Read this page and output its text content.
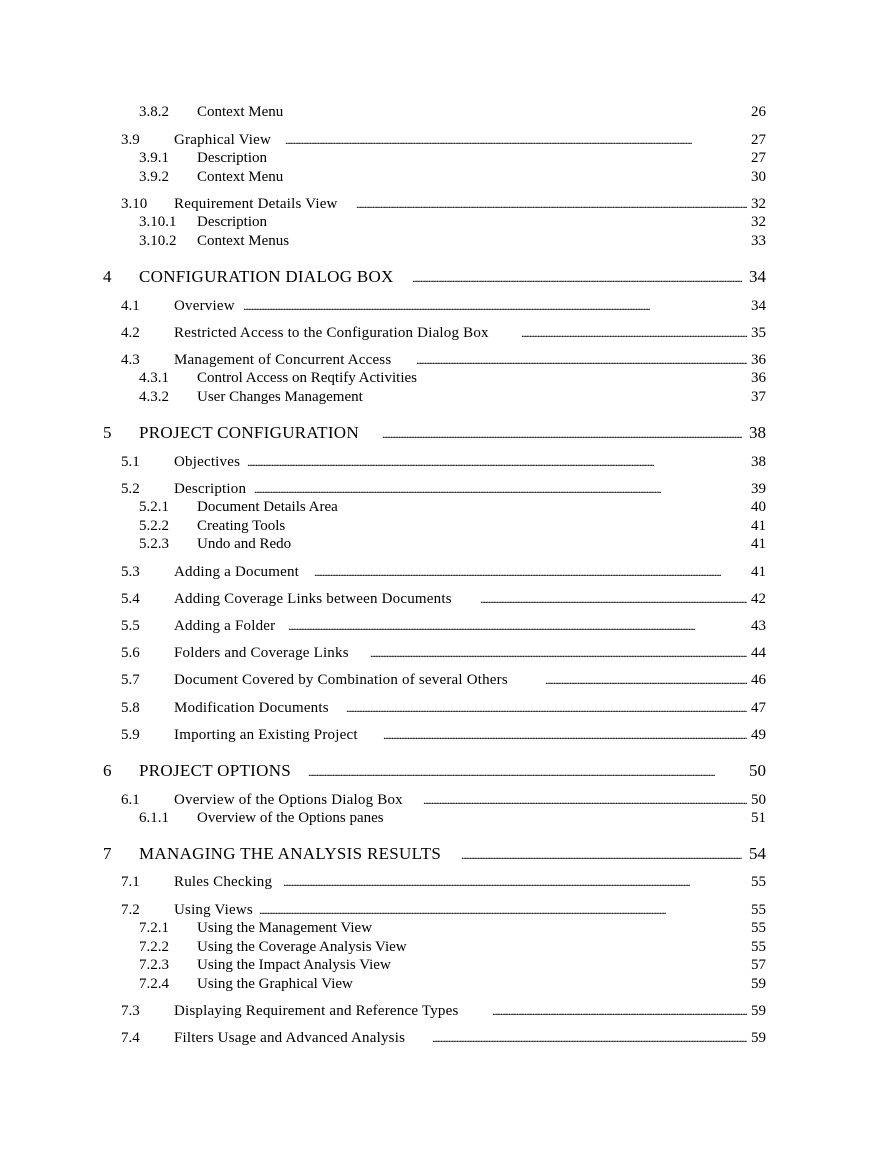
3.8.2 Context Menu	26
3.9 Graphical View . . .	27
3.9.1 Description	27
3.9.2 Context Menu	30
3.10 Requirement Details View . . .	32
3.10.1 Description	32
3.10.2 Context Menus	33
4 CONFIGURATION DIALOG BOX . . .	34
4.1 Overview . . .	34
4.2 Restricted Access to the Configuration Dialog Box . . .	35
4.3 Management of Concurrent Access . . .	36
4.3.1 Control Access on Reqtify Activities	36
4.3.2 User Changes Management	37
5 PROJECT CONFIGURATION . . .	38
5.1 Objectives . . .	38
5.2 Description . . .	39
5.2.1 Document Details Area	40
5.2.2 Creating Tools	41
5.2.3 Undo and Redo	41
5.3 Adding a Document . . .	41
5.4 Adding Coverage Links between Documents . . .	42
5.5 Adding a Folder . . .	43
5.6 Folders and Coverage Links . . .	44
5.7 Document Covered by Combination of several Others . . .	46
5.8 Modification Documents . . .	47
5.9 Importing an Existing Project . . .	49
6 PROJECT OPTIONS . . .	50
6.1 Overview of the Options Dialog Box . . .	50
6.1.1 Overview of the Options panes	51
7 MANAGING THE ANALYSIS RESULTS . . .	54
7.1 Rules Checking . . .	55
7.2 Using Views . . .	55
7.2.1 Using the Management View	55
7.2.2 Using the Coverage Analysis View	55
7.2.3 Using the Impact Analysis View	57
7.2.4 Using the Graphical View	59
7.3 Displaying Requirement and Reference Types . . .	59
7.4 Filters Usage and Advanced Analysis . . .	59
